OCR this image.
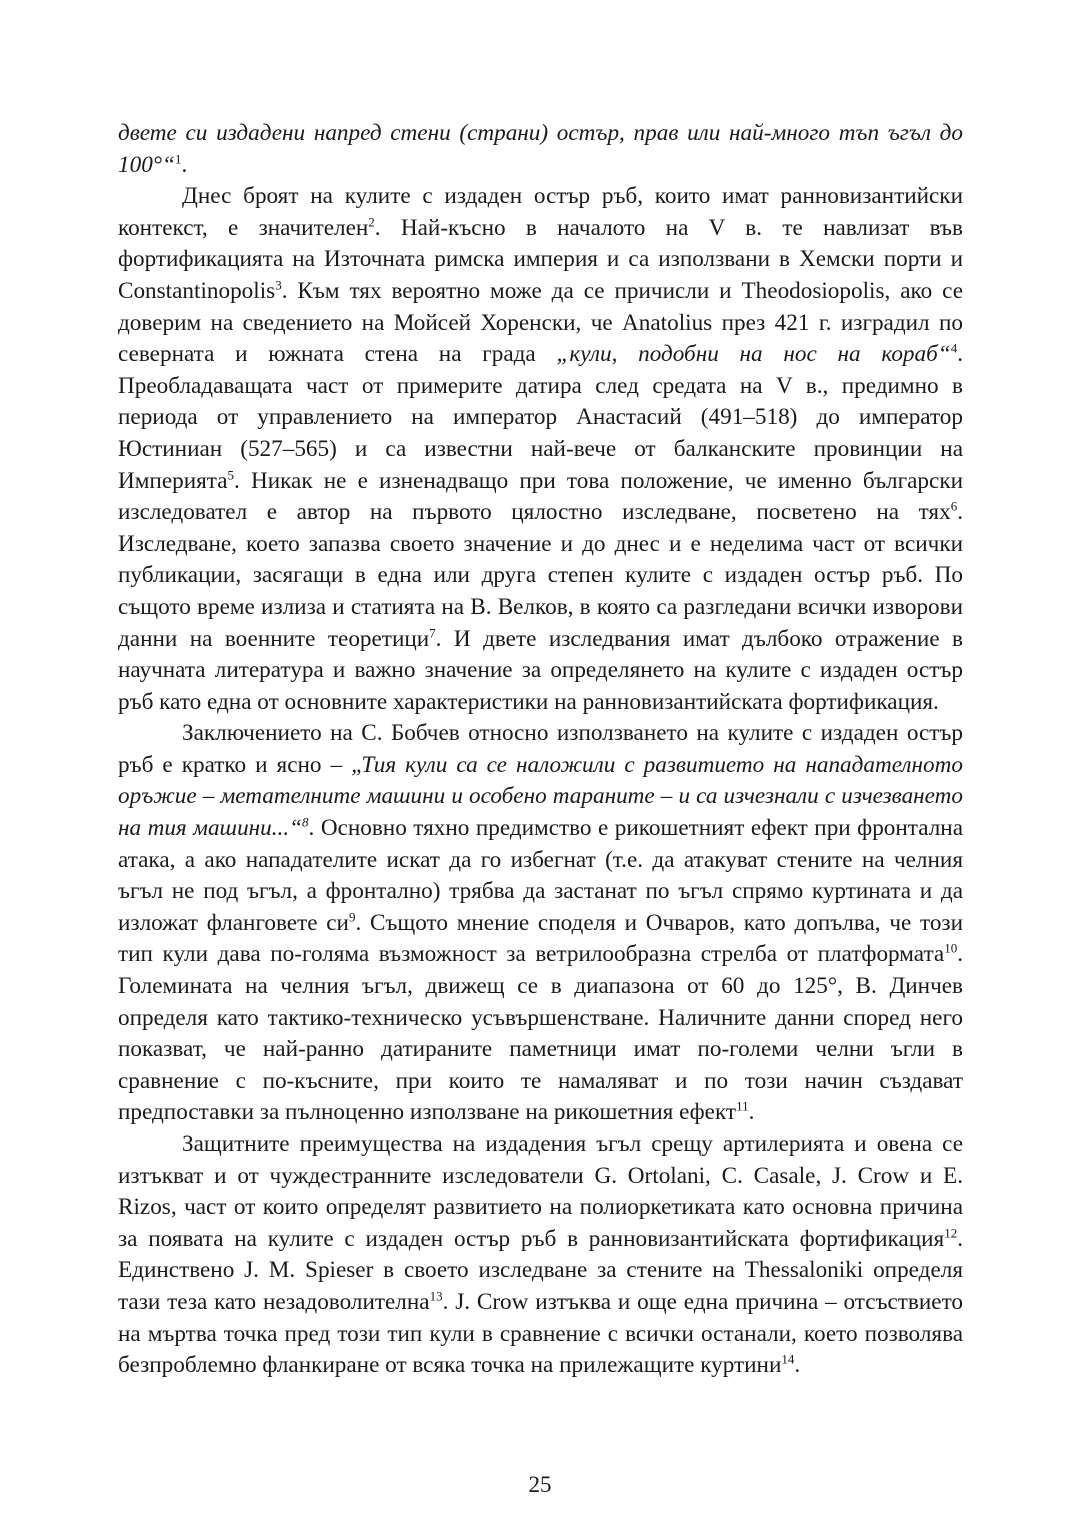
двете си издадени напред стени (страни) остър, прав или най-много тъп ъгъл до 100°“$^1$.

Днес броят на кулите с издаден остър ръб, които имат ранновизантийски контекст, е значителен$^2$. Най-късно в началото на V в. те навлизат във фортификацията на Източната римска империя и са използвани в Хемски порти и Constantinopolis$^3$. Към тях вероятно може да се причисли и Theodosiopolis, ако се доверим на сведението на Мойсей Хоренски, че Anatolius през 421 г. изградил по северната и южната стена на града „кули, подобни на нос на кораб“$^4$. Преобладаващата част от примерите датира след средата на V в., предимно в периода от управлението на император Анастасий (491–518) до император Юстиниан (527–565) и са известни най-вече от балканските провинции на Империята$^5$. Никак не е изненадващо при това положение, че именно български изследовател е автор на първото цялостно изследване, посветено на тях$^6$. Изследване, което запазва своето значение и до днес и е неделима част от всички публикации, засягащи в една или друга степен кулите с издаден остър ръб. По същото време излиза и статията на В. Велков, в която са разгледани всички изворови данни на военните теоретици$^7$. И двете изследвания имат дълбоко отражение в научната литература и важно значение за определянето на кулите с издаден остър ръб като една от основните характеристики на ранновизантийската фортификация.

Заключението на С. Бобчев относно използването на кулите с издаден остър ръб е кратко и ясно – „Тия кули са се наложили с развитието на нападателното оръжие – метателните машини и особено тараните – и са изчезнали с изчезването на тия машини...“$^8$. Основно тяхно предимство е рикошетният ефект при фронтална атака, а ако нападателите искат да го избегнат (т.е. да атакуват стените на челния ъгъл не под ъгъл, а фронтално) трябва да застанат по ъгъл спрямо куртината и да изложат фланговете $си^9$. Същото мнение споделя и Очваров, като допълва, че този тип кули дава по-голяма възможност за ветрилообразна стрелба от платформата$^{10}$. Големината на челния ъгъл, движещ се в диапазона от 60 до 125°, В. Динчев определя като тактико-техническо усъвършенстване. Наличните данни според него показват, че най-ранно датираните паметници имат по-големи челни ъгли в сравнение с по-късните, при които те намаляват и по този начин създават предпоставки за пълноценно използване на рикошетния ефект$^{11}$.

Защитните преимущества на издадения ъгъл срещу артилерията и овена се изтъкват и от чуждестранните изследователи G. Ortolani, C. Casale, J. Crow и E. Rizos, част от които определят развитието на полиоркетиката като основна причина за появата на кулите с издаден остър ръб в ранновизантийската фортификация$^{12}$. Единствено J. M. Spieser в своето изследване за стените на Thessaloniki определя тази теза като незадоволителна$^{13}$. J. Crow изтъква и още една причина – отсъствието на мъртва точка пред този тип кули в сравнение с всички останали, което позволява безпроблемно фланкиране от всяка точка на прилежащите куртини$^{14}$.

25
